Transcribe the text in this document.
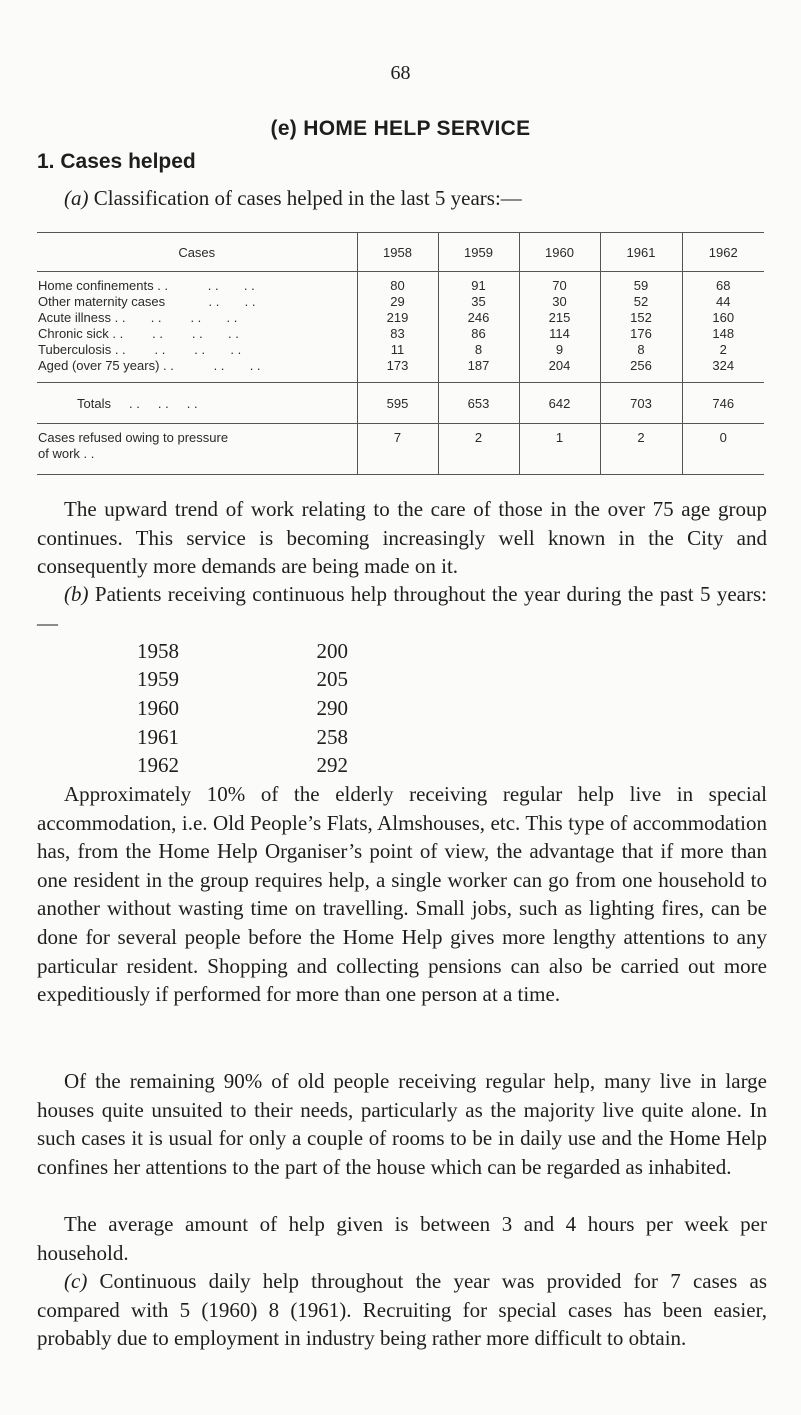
68
(e) HOME HELP SERVICE
1. Cases helped
(a) Classification of cases helped in the last 5 years:—
Cases	1958	1959	1960	1961	1962
Home confinements . .           . .       . .	80	91	70	59	68
Other maternity cases            . .       . .	29	35	30	52	44
Acute illness . .       . .        . .       . .	219	246	215	152	160
Chronic sick . .        . .        . .       . .	83	86	114	176	148
Tuberculosis . .        . .        . .       . .	11	8	9	8	2
Aged (over 75 years) . .           . .       . .	173	187	204	256	324
Totals     . .     . .     . .	595	653	642	703	746

Cases refused owing to pressure
of work . .	7	2	1	2	0
The upward trend of work relating to the care of those in the over 75 age group continues. This service is becoming increasingly well known in the City and consequently more demands are being made on it.
(b) Patients receiving continuous help throughout the year during the past 5 years:—
1958	200
1959	205
1960	290
1961	258
1962	292
Approximately 10% of the elderly receiving regular help live in special accommodation, i.e. Old People’s Flats, Almshouses, etc. This type of accommodation has, from the Home Help Organiser’s point of view, the advantage that if more than one resident in the group requires help, a single worker can go from one household to another without wasting time on travelling. Small jobs, such as lighting fires, can be done for several people before the Home Help gives more lengthy attentions to any particular resident. Shopping and collecting pensions can also be carried out more expeditiously if performed for more than one person at a time.
Of the remaining 90% of old people receiving regular help, many live in large houses quite unsuited to their needs, particularly as the majority live quite alone. In such cases it is usual for only a couple of rooms to be in daily use and the Home Help confines her attentions to the part of the house which can be regarded as inhabited.
The average amount of help given is between 3 and 4 hours per week per household.
(c) Continuous daily help throughout the year was provided for 7 cases as compared with 5 (1960) 8 (1961). Recruiting for special cases has been easier, probably due to employment in industry being rather more difficult to obtain.
